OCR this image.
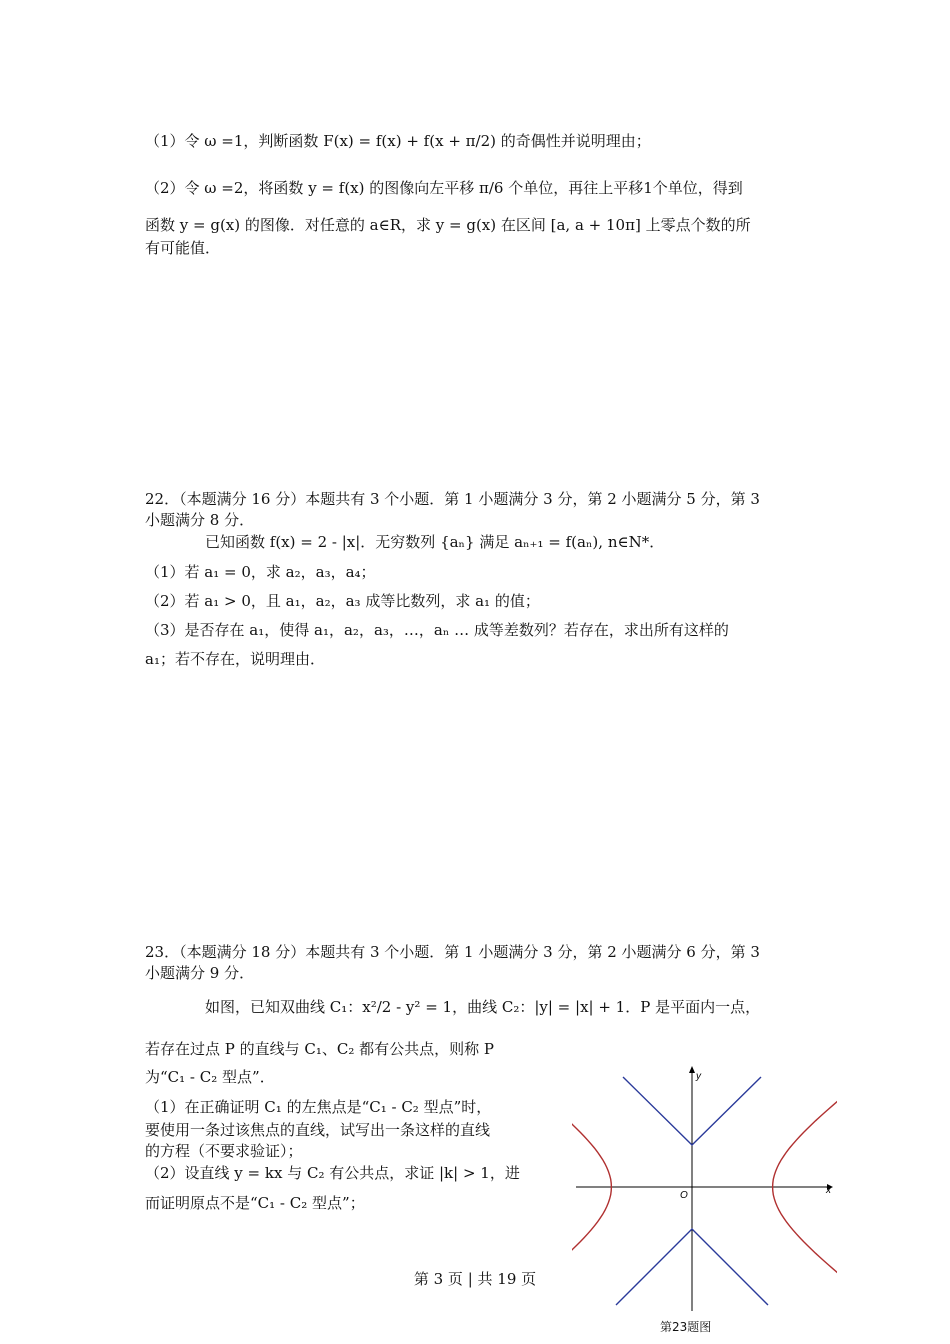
（1）令 ω =1，判断函数 F(x) = f(x) + f(x + π/2) 的奇偶性并说明理由；
（2）令 ω =2，将函数 y = f(x) 的图像向左平移 π/6 个单位，再往上平移1个单位，得到
函数 y = g(x) 的图像．对任意的 a∈R，求 y = g(x) 在区间 [a, a + 10π] 上零点个数的所
有可能值．
22．（本题满分 16 分）本题共有 3 个小题．第 1 小题满分 3 分，第 2 小题满分 5 分，第 3
小题满分 8 分．
已知函数 f(x) = 2 - |x|．无穷数列 {aₙ} 满足 aₙ₊₁ = f(aₙ), n∈N*．
（1）若 a₁ = 0，求 a₂，a₃，a₄；
（2）若 a₁ > 0，且 a₁，a₂，a₃ 成等比数列，求 a₁ 的值；
（3）是否存在 a₁，使得 a₁，a₂，a₃，…，aₙ … 成等差数列？若存在，求出所有这样的
a₁；若不存在，说明理由．
23．（本题满分 18 分）本题共有 3 个小题．第 1 小题满分 3 分，第 2 小题满分 6 分，第 3
小题满分 9 分．
如图，已知双曲线 C₁：x²/2 - y² = 1，曲线 C₂：|y| = |x| + 1．P 是平面内一点，
若存在过点 P 的直线与 C₁、C₂ 都有公共点，则称 P
为“C₁ - C₂ 型点”．
（1）在正确证明 C₁ 的左焦点是“C₁ - C₂ 型点”时，
要使用一条过该焦点的直线，试写出一条这样的直线
的方程（不要求验证）；
（2）设直线 y = kx 与 C₂ 有公共点，求证 |k| > 1，进
而证明原点不是“C₁ - C₂ 型点”；
x
y
O
第23题图
第 3 页 | 共 19 页
